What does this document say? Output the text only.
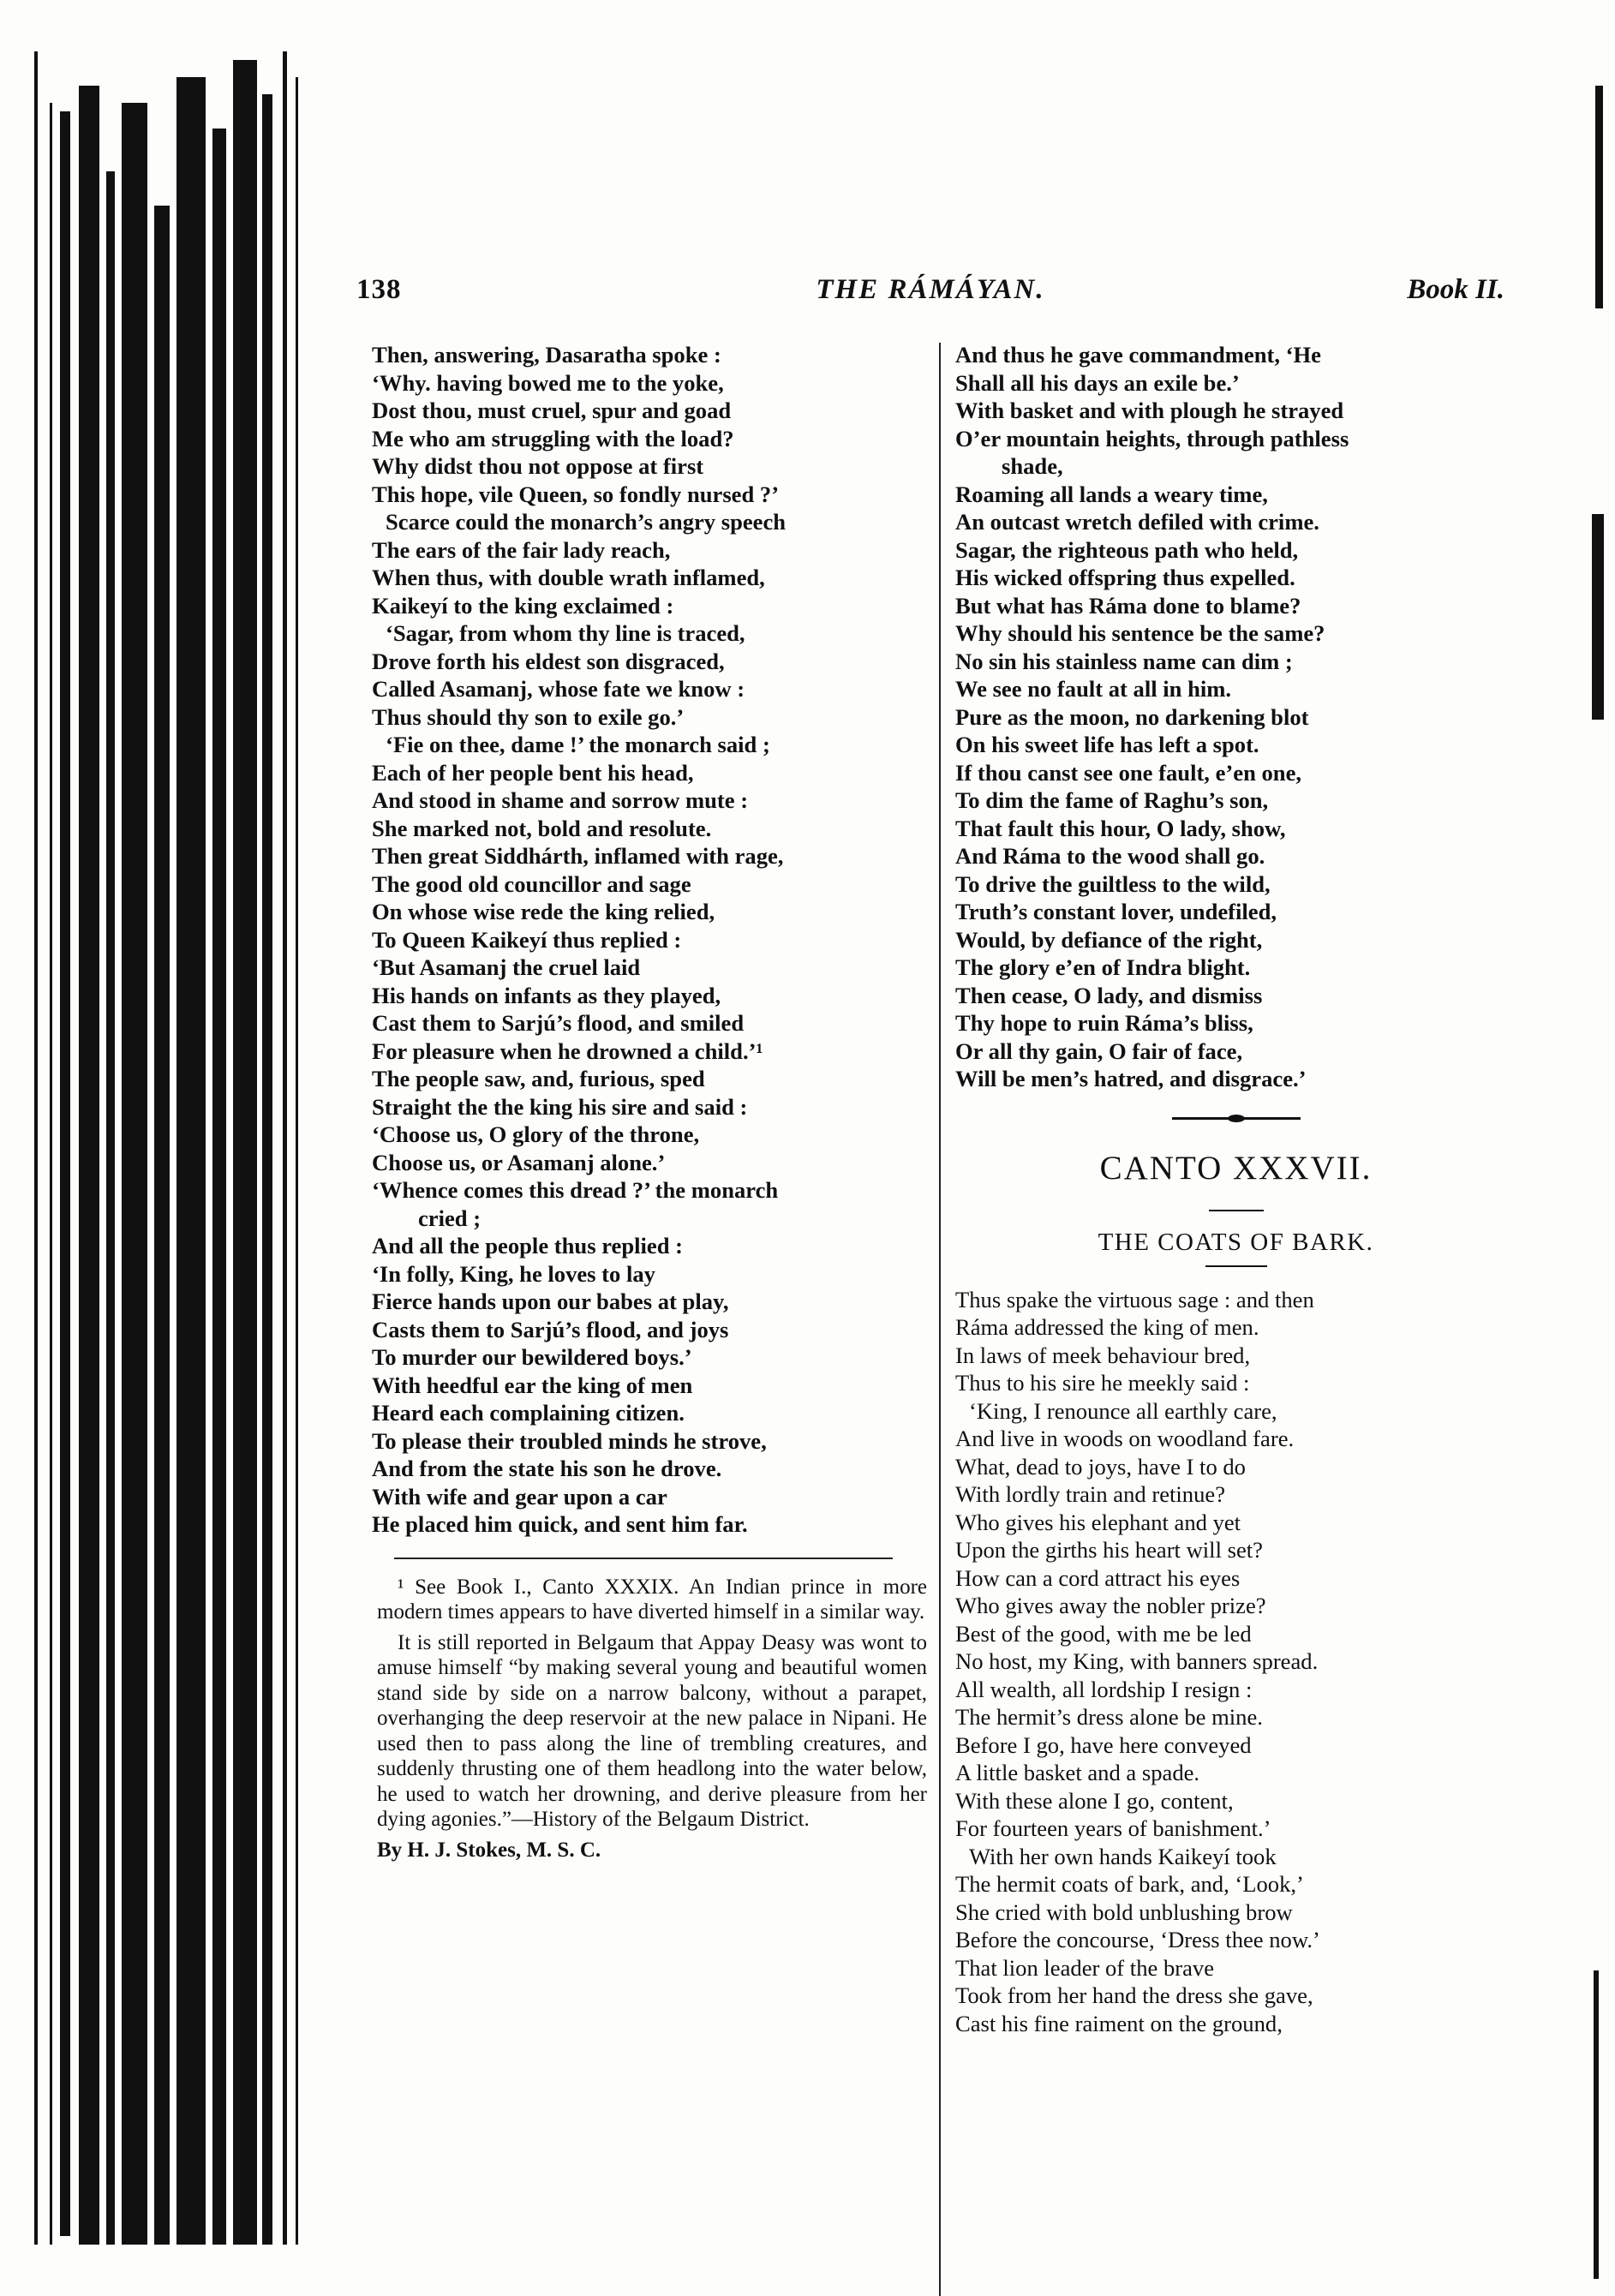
138	THE RÁMÁYAN.	Book II.
Then, answering, Dasaratha spoke :
‘Why. having bowed me to the yoke,
Dost thou, must cruel, spur and goad
Me who am struggling with the load?
Why didst thou not oppose at first
This hope, vile Queen, so fondly nursed ?’
Scarce could the monarch’s angry speech
The ears of the fair lady reach,
When thus, with double wrath inflamed,
Kaikeyí to the king exclaimed :
‘Sagar, from whom thy line is traced,
Drove forth his eldest son disgraced,
Called Asamanj, whose fate we know :
Thus should thy son to exile go.’
‘Fie on thee, dame !’ the monarch said ;
Each of her people bent his head,
And stood in shame and sorrow mute :
She marked not, bold and resolute.
Then great Siddhárth, inflamed with rage,
The good old councillor and sage
On whose wise rede the king relied,
To Queen Kaikeyí thus replied :
‘But Asamanj the cruel laid
His hands on infants as they played,
Cast them to Sarjú’s flood, and smiled
For pleasure when he drowned a child.’¹
The people saw, and, furious, sped
Straight the the king his sire and said :
‘Choose us, O glory of the throne,
Choose us, or Asamanj alone.’
‘Whence comes this dread ?’ the monarch
cried ;
And all the people thus replied :
‘In folly, King, he loves to lay
Fierce hands upon our babes at play,
Casts them to Sarjú’s flood, and joys
To murder our bewildered boys.’
With heedful ear the king of men
Heard each complaining citizen.
To please their troubled minds he strove,
And from the state his son he drove.
With wife and gear upon a car
He placed him quick, and sent him far.

¹ See Book I., Canto XXXIX. An Indian prince in more modern times appears to have diverted himself in a similar way.

It is still reported in Belgaum that Appay Deasy was wont to amuse himself “by making several young and beautiful women stand side by side on a narrow balcony, without a parapet, overhanging the deep reservoir at the new palace in Nipani. He used then to pass along the line of trembling creatures, and suddenly thrusting one of them headlong into the water below, he used to watch her drowning, and derive pleasure from her dying agonies.”—History of the Belgaum District.

By H. J. Stokes, M. S. C.

And thus he gave commandment, ‘He
Shall all his days an exile be.’
With basket and with plough he strayed
O’er mountain heights, through pathless
shade,
Roaming all lands a weary time,
An outcast wretch defiled with crime.
Sagar, the righteous path who held,
His wicked offspring thus expelled.
But what has Ráma done to blame?
Why should his sentence be the same?
No sin his stainless name can dim ;
We see no fault at all in him.
Pure as the moon, no darkening blot
On his sweet life has left a spot.
If thou canst see one fault, e’en one,
To dim the fame of Raghu’s son,
That fault this hour, O lady, show,
And Ráma to the wood shall go.
To drive the guiltless to the wild,
Truth’s constant lover, undefiled,
Would, by defiance of the right,
The glory e’en of Indra blight.
Then cease, O lady, and dismiss
Thy hope to ruin Ráma’s bliss,
Or all thy gain, O fair of face,
Will be men’s hatred, and disgrace.’
CANTO XXXVII.
THE COATS OF BARK.
Thus spake the virtuous sage : and then
Ráma addressed the king of men.
In laws of meek behaviour bred,
Thus to his sire he meekly said :
‘King, I renounce all earthly care,
And live in woods on woodland fare.
What, dead to joys, have I to do
With lordly train and retinue?
Who gives his elephant and yet
Upon the girths his heart will set?
How can a cord attract his eyes
Who gives away the nobler prize?
Best of the good, with me be led
No host, my King, with banners spread.
All wealth, all lordship I resign :
The hermit’s dress alone be mine.
Before I go, have here conveyed
A little basket and a spade.
With these alone I go, content,
For fourteen years of banishment.’
With her own hands Kaikeyí took
The hermit coats of bark, and, ‘Look,’
She cried with bold unblushing brow
Before the concourse, ‘Dress thee now.’
That lion leader of the brave
Took from her hand the dress she gave,
Cast his fine raiment on the ground,
